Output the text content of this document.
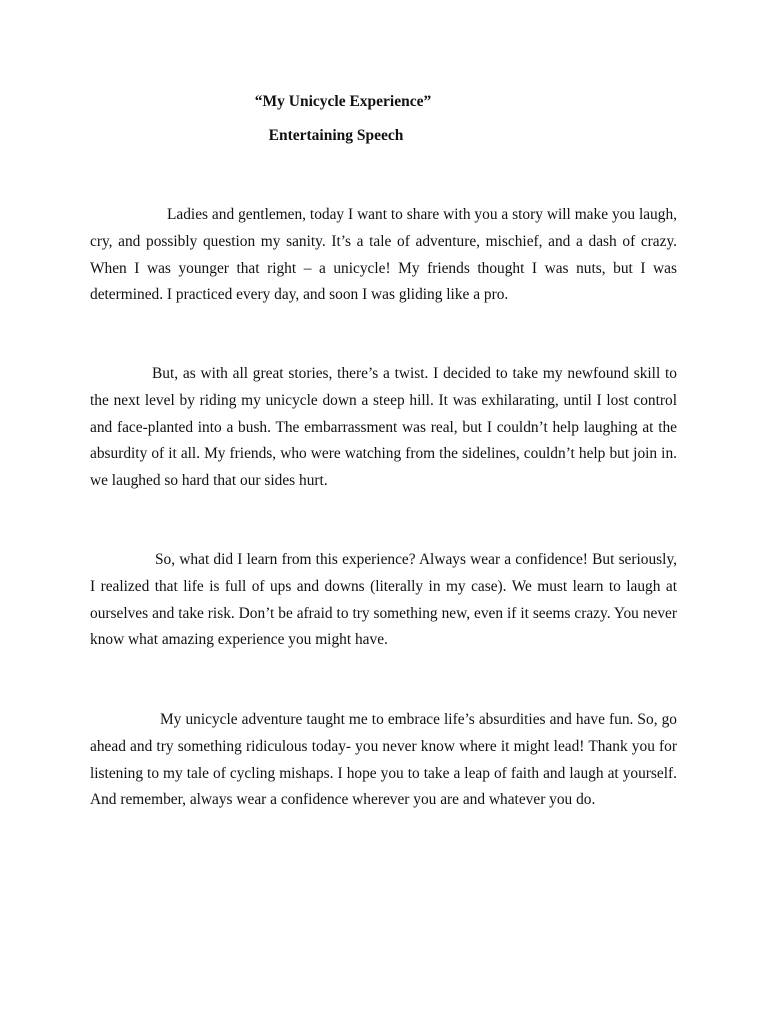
“My Unicycle Experience”
Entertaining Speech

Ladies and gentlemen, today I want to share with you a story will make you laugh, cry, and possibly question my sanity. It’s a tale of adventure, mischief, and a dash of crazy. When I was younger that right – a unicycle! My friends thought I was nuts, but I was determined. I practiced every day, and soon I was gliding like a pro.

But, as with all great stories, there’s a twist. I decided to take my newfound skill to the next level by riding my unicycle down a steep hill. It was exhilarating, until I lost control and face-planted into a bush. The embarrassment was real, but I couldn’t help laughing at the absurdity of it all. My friends, who were watching from the sidelines, couldn’t help but join in. we laughed so hard that our sides hurt.

So, what did I learn from this experience? Always wear a confidence! But seriously, I realized that life is full of ups and downs (literally in my case). We must learn to laugh at ourselves and take risk. Don’t be afraid to try something new, even if it seems crazy. You never know what amazing experience you might have.

My unicycle adventure taught me to embrace life’s absurdities and have fun. So, go ahead and try something ridiculous today- you never know where it might lead! Thank you for listening to my tale of cycling mishaps. I hope you to take a leap of faith and laugh at yourself. And remember, always wear a confidence wherever you are and whatever you do.
